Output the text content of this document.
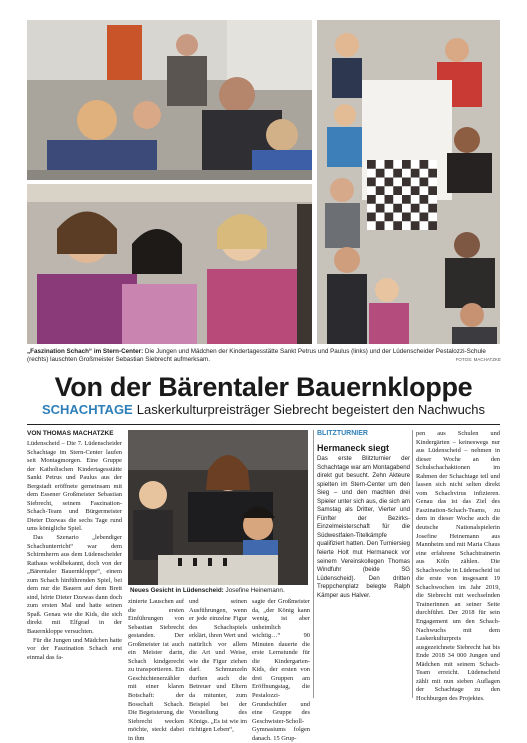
„Faszination Schach“ im Stern-Center: Die Jungen und Mädchen der Kindertagesstätte Sankt Petrus und Paulus (links) und der Lüdenscheider Pestalozzi-Schule (rechts) lauschten Großmeister Sebastian Siebrecht aufmerksam.	FOTOS: MACHATZKE
Von der Bärentaler Bauernkloppe
SCHACHTAGE Laskerkulturpreisträger Siebrecht begeistert den Nachwuchs
VON THOMAS MACHATZKE

Lüdenscheid – Die 7. Lüdenscheider Schachtage im Stern-Center laufen seit Montagmorgen. Eine Gruppe der Katholischen Kindertagesstätte Sankt Petrus und Paulus aus der Bergstadt eröffnete gemeinsam mit dem Essener Großmeister Sebastian Siebrecht, seinem Faszination-Schach-Team und Bürgermeister Dieter Dzewas die sechs Tage rund ums königliche Spiel.

Das Szenario „lebendiger Schachunterricht“ war dem Schirmherrn aus dem Lüdenscheider Rathaus wohlbekannt, doch von der „Bärentaler Bauernkloppe“, einem zum Schach hinführenden Spiel, bei dem nur die Bauern auf dem Brett sind, hörte Dieter Dzewas dann doch zum ersten Mal und hatte seinen Spaß. Genau wie die Kids, die sich direkt mit Elfgrad in der Bauernkloppe versuchten.

Für die Jungen und Mädchen hatte vor der Faszination Schach erst einmal das fa-

Neues Gesicht in Lüdenscheid: Josefine Heinemann.
zinierte Lauschen auf die ersten Einführungen von Sebastian Siebrecht gestanden. Der Großmeister ist auch ein Meister darin, Schach kindgerecht zu transportieren. Ein Geschichtenerzähler mit einer klaren Botschaft: der Bosschaft Schach. Die Begeisterung, die Siebrecht wecken möchte, steckt dabei in ihm
und seinen Ausführungen, wenn er jede einzelne Figur des Schachspiels erklärt, ihren Wert und natürlich vor allem die Art und Weise, wie die Figur ziehen darf. Schmunzeln durften auch die Betreuer und Eltern da mitunter, zum Beispiel bei der Vorstellung des Königs. „Es ist wie im richtigen Leben“,
sagte der Großmeister da, „der König kann wenig, ist aber unheimlich wichtig…“ 90 Minuten dauerte die erste Lernstunde für die Kindergarten-Kids, der ersten von drei Gruppen am Eröffnungstag, die Pestalozzi-Grundschüler und eine Gruppe des Geschwister-Scholl-Gymnasiums folgen danach. 15 Grup-
BLITZTURNIER
Hermaneck siegt
Das erste Blitzturnier der Schachtage war am Montagabend direkt gut besucht. Zehn Akteure spielten im Stern-Center um den Sieg – und den machten drei Spieler unter sich aus, die sich am Samstag als Dritter, Vierter und Fünfter der Bezirks-Einzelmeisterschaft für die Südwestfalen-Titelkämpfe qualifiziert hatten. Den Turniersieg feierte Holt mut Hermaneck vor seinem Vereinskollegen Thomas Windfuhr (beide SG Lüdenscheid). Den dritten Treppchenplatz belegte Ralph Kämper aus Halver.
pen aus Schulen und Kindergärten – keineswegs nur aus Lüdenscheid – nehmen in dieser Woche an den Schulschachaktionen im Rahmen der Schachtage teil und lassen sich nicht selten direkt vom Schachvirus infizieren. Genau das ist das Ziel des Faszination-Schach-Teams, zu dem in dieser Woche auch die deutsche Nationalspielerin Josefine Heinemann aus Mannheim und mit Maria Chaus eine erfahrene Schachtrainerin aus Köln zählen. Die Schachwoche in Lüdenscheid ist die erste von insgesamt 19 Schachwochen im Jahr 2019, die Siebrecht mit wechselnden Trainerinnen an seiner Seite durchführt. Der 2018 für sein Engagement um den Schach-Nachwuchs mit dem Laskerkulturpreis ausgezeichnete Siebrecht hat bis Ende 2018 34 000 Jungen und Mädchen mit seinem Schach-Team erreicht. Lüdenscheid zählt mit nun sieben Auflagen der Schachtage zu den Hochburgen des Projektes.
